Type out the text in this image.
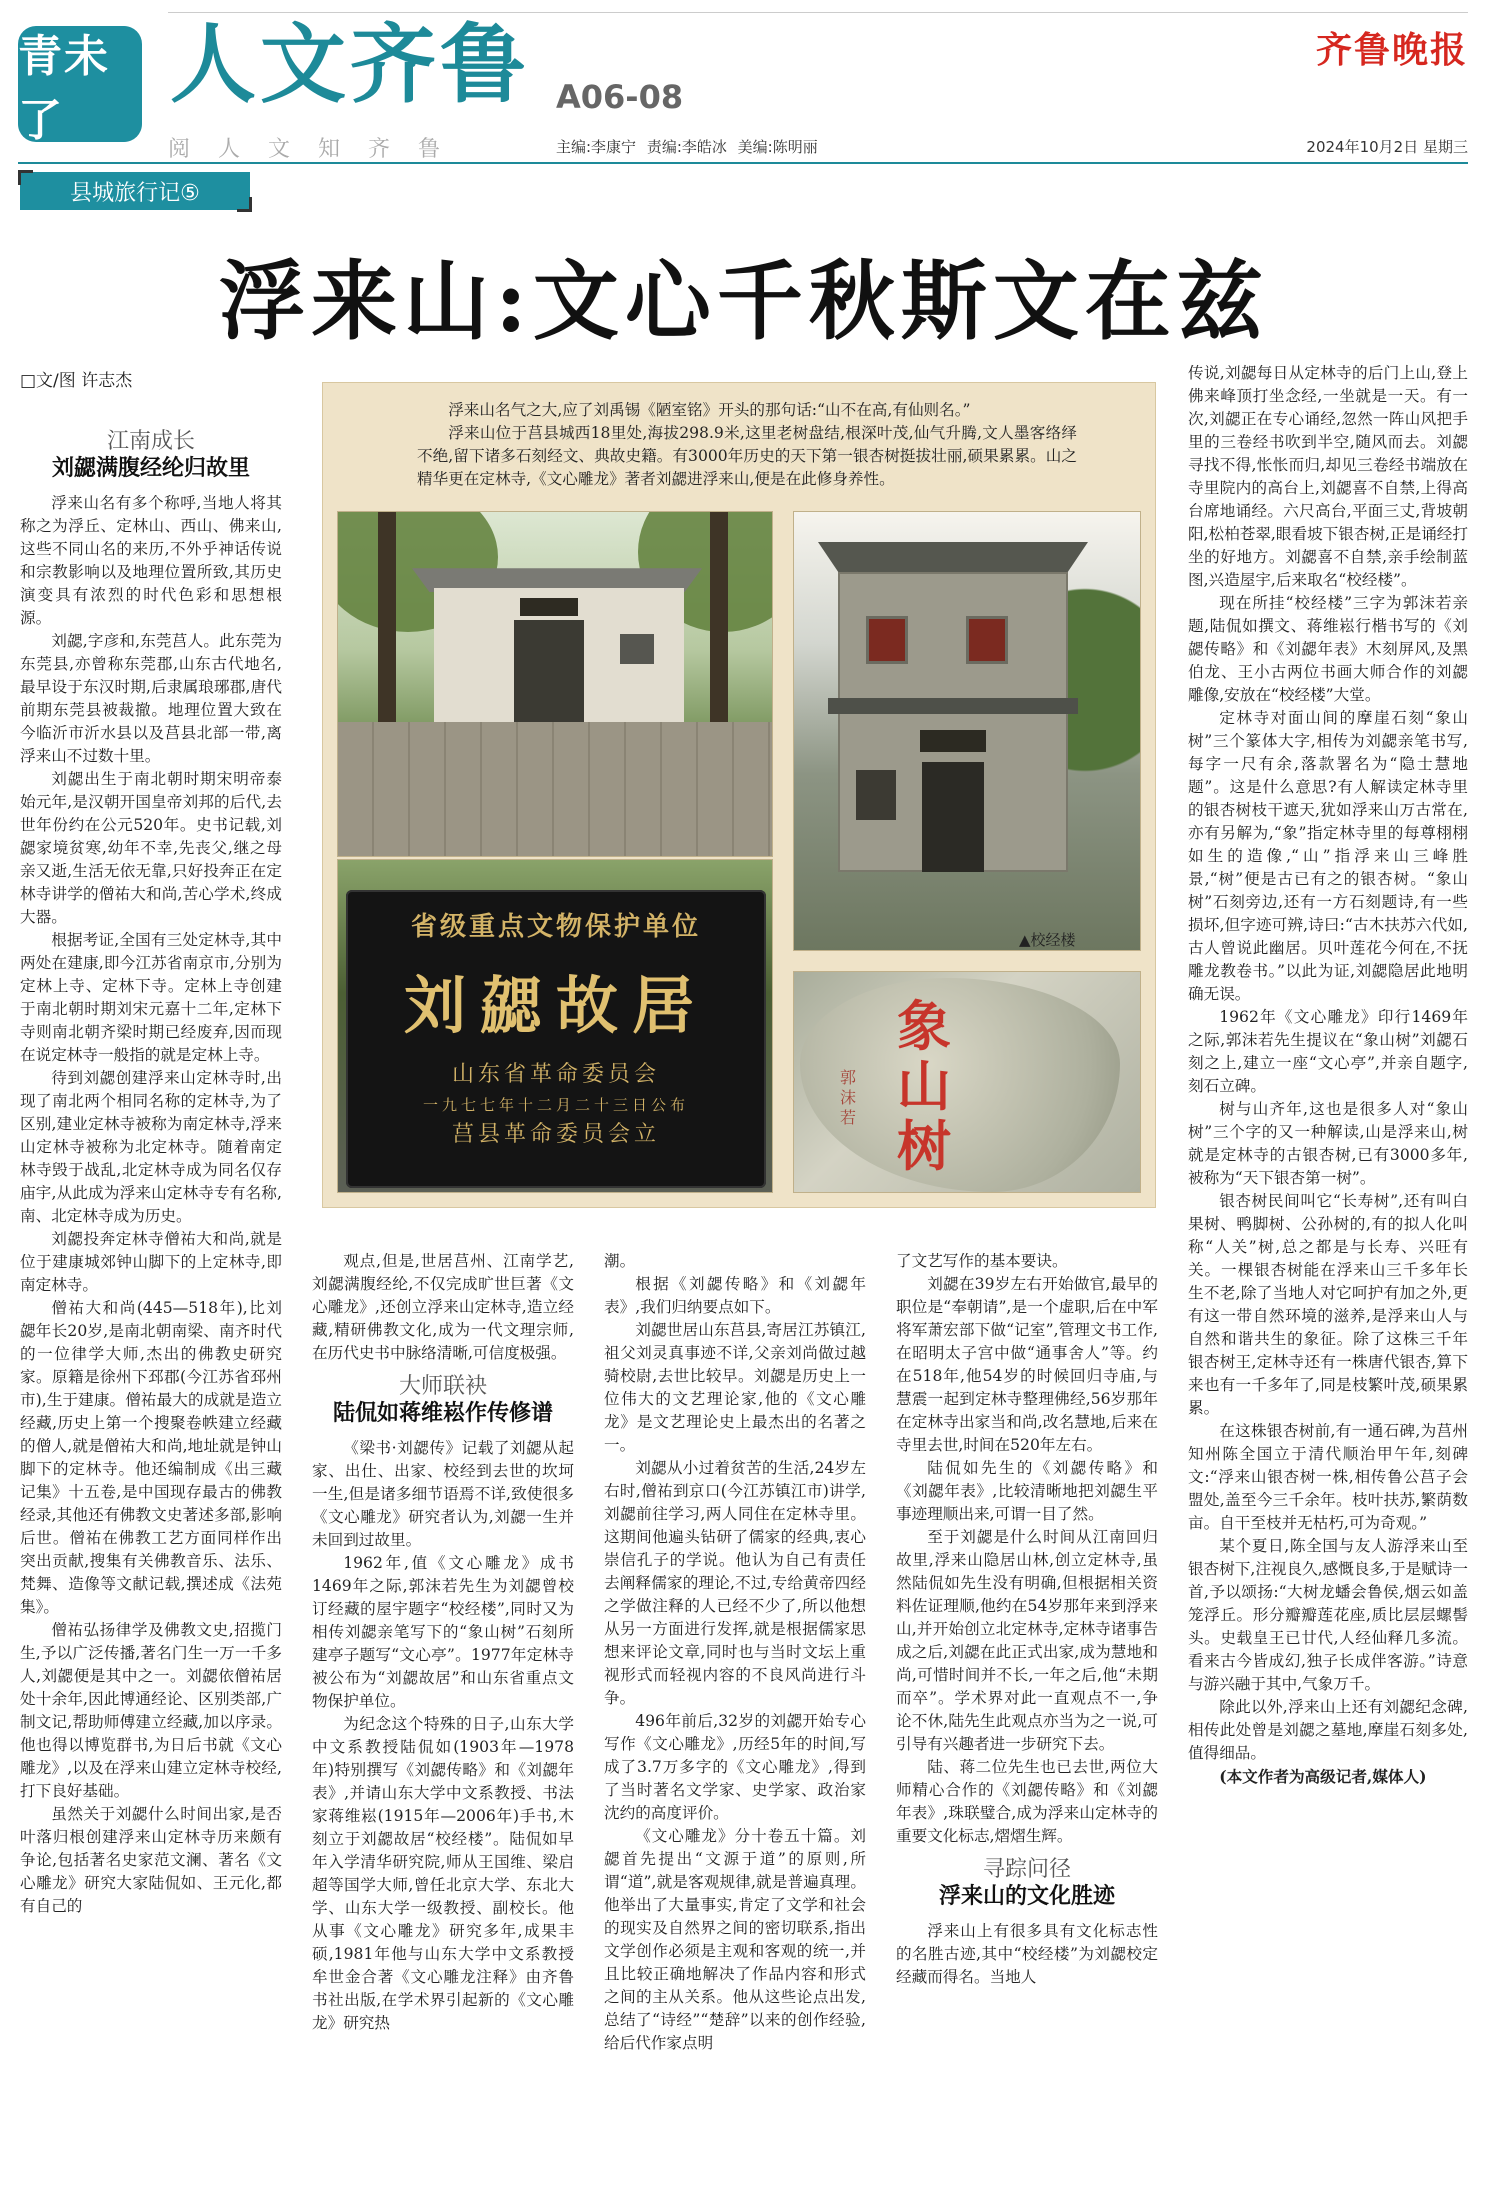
青未了
人文齐鲁 A06-08
阅人文知齐鲁	主编:李康宁 责编:李皓冰 美编:陈明丽
齐鲁晚报
2024年10月2日 星期三
县城旅行记⑤
浮来山:文心千秋斯文在兹
□文/图 许志杰
江南成长
刘勰满腹经纶归故里

浮来山名有多个称呼,当地人将其称之为浮丘、定林山、西山、佛来山,这些不同山名的来历,不外乎神话传说和宗教影响以及地理位置所致,其历史演变具有浓烈的时代色彩和思想根源。

刘勰,字彦和,东莞莒人。此东莞为东莞县,亦曾称东莞郡,山东古代地名,最早设于东汉时期,后隶属琅琊郡,唐代前期东莞县被裁撤。地理位置大致在今临沂市沂水县以及莒县北部一带,离浮来山不过数十里。

刘勰出生于南北朝时期宋明帝泰始元年,是汉朝开国皇帝刘邦的后代,去世年份约在公元520年。史书记载,刘勰家境贫寒,幼年不幸,先丧父,继之母亲又逝,生活无依无靠,只好投奔正在定林寺讲学的僧祐大和尚,苦心学术,终成大器。

根据考证,全国有三处定林寺,其中两处在建康,即今江苏省南京市,分别为定林上寺、定林下寺。定林上寺创建于南北朝时期刘宋元嘉十二年,定林下寺则南北朝齐梁时期已经废弃,因而现在说定林寺一般指的就是定林上寺。

待到刘勰创建浮来山定林寺时,出现了南北两个相同名称的定林寺,为了区别,建业定林寺被称为南定林寺,浮来山定林寺被称为北定林寺。随着南定林寺毁于战乱,北定林寺成为同名仅存庙宇,从此成为浮来山定林寺专有名称,南、北定林寺成为历史。

刘勰投奔定林寺僧祐大和尚,就是位于建康城郊钟山脚下的上定林寺,即南定林寺。

僧祐大和尚(445—518年),比刘勰年长20岁,是南北朝南梁、南齐时代的一位律学大师,杰出的佛教史研究家。原籍是徐州下邳郡(今江苏省邳州市),生于建康。僧祐最大的成就是造立经藏,历史上第一个搜聚卷帙建立经藏的僧人,就是僧祐大和尚,地址就是钟山脚下的定林寺。他还编制成《出三藏记集》十五卷,是中国现存最古的佛教经录,其他还有佛教文史著述多部,影响后世。僧祐在佛教工艺方面同样作出突出贡献,搜集有关佛教音乐、法乐、梵舞、造像等文献记载,撰述成《法苑集》。

僧祐弘扬律学及佛教文史,招揽门生,予以广泛传播,著名门生一万一千多人,刘勰便是其中之一。刘勰依僧祐居处十余年,因此博通经论、区别类部,广制文记,帮助师傅建立经藏,加以序录。他也得以博览群书,为日后书就《文心雕龙》,以及在浮来山建立定林寺校经,打下良好基础。

虽然关于刘勰什么时间出家,是否叶落归根创建浮来山定林寺历来颇有争论,包括著名史家范文澜、著名《文心雕龙》研究大家陆侃如、王元化,都有自己的

浮来山名气之大,应了刘禹锡《陋室铭》开头的那句话:“山不在高,有仙则名。”

浮来山位于莒县城西18里处,海拔298.9米,这里老树盘结,根深叶茂,仙气升腾,文人墨客络绎不绝,留下诸多石刻经文、典故史籍。有3000年历史的天下第一银杏树挺拔壮丽,硕果累累。山之精华更在定林寺,《文心雕龙》著者刘勰进浮来山,便是在此修身养性。

▲校经楼
省级重点文物保护单位
刘勰故居
山东省革命委员会
一九七七年十二月二十三日公布
莒县革命委员会立
象山树
郭沫若

观点,但是,世居莒州、江南学艺,刘勰满腹经纶,不仅完成旷世巨著《文心雕龙》,还创立浮来山定林寺,造立经藏,精研佛教文化,成为一代文理宗师,在历代史书中脉络清晰,可信度极强。

大师联袂
陆侃如蒋维崧作传修谱

《梁书·刘勰传》记载了刘勰从起家、出仕、出家、校经到去世的坎坷一生,但是诸多细节语焉不详,致使很多《文心雕龙》研究者认为,刘勰一生并未回到过故里。

1962年,值《文心雕龙》成书1469年之际,郭沫若先生为刘勰曾校订经藏的屋宇题字“校经楼”,同时又为相传刘勰亲笔写下的“象山树”石刻所建亭子题写“文心亭”。1977年定林寺被公布为“刘勰故居”和山东省重点文物保护单位。

为纪念这个特殊的日子,山东大学中文系教授陆侃如(1903年—1978年)特别撰写《刘勰传略》和《刘勰年表》,并请山东大学中文系教授、书法家蒋维崧(1915年—2006年)手书,木刻立于刘勰故居“校经楼”。陆侃如早年入学清华研究院,师从王国维、梁启超等国学大师,曾任北京大学、东北大学、山东大学一级教授、副校长。他从事《文心雕龙》研究多年,成果丰硕,1981年他与山东大学中文系教授牟世金合著《文心雕龙注释》由齐鲁书社出版,在学术界引起新的《文心雕龙》研究热

潮。

根据《刘勰传略》和《刘勰年表》,我们归纳要点如下。

刘勰世居山东莒县,寄居江苏镇江,祖父刘灵真事迹不详,父亲刘尚做过越骑校尉,去世比较早。刘勰是历史上一位伟大的文艺理论家,他的《文心雕龙》是文艺理论史上最杰出的名著之一。

刘勰从小过着贫苦的生活,24岁左右时,僧祐到京口(今江苏镇江市)讲学,刘勰前往学习,两人同住在定林寺里。这期间他遍头钻研了儒家的经典,衷心崇信孔子的学说。他认为自己有责任去阐释儒家的理论,不过,专给黄帝四经之学做注释的人已经不少了,所以他想从另一方面进行发挥,就是根据儒家思想来评论文章,同时也与当时文坛上重视形式而轻视内容的不良风尚进行斗争。

496年前后,32岁的刘勰开始专心写作《文心雕龙》,历经5年的时间,写成了3.7万多字的《文心雕龙》,得到了当时著名文学家、史学家、政治家沈约的高度评价。

《文心雕龙》分十卷五十篇。刘勰首先提出“文源于道”的原则,所谓“道”,就是客观规律,就是普遍真理。他举出了大量事实,肯定了文学和社会的现实及自然界之间的密切联系,指出文学创作必须是主观和客观的统一,并且比较正确地解决了作品内容和形式之间的主从关系。他从这些论点出发,总结了“诗经”“楚辞”以来的创作经验,给后代作家点明

了文艺写作的基本要诀。

刘勰在39岁左右开始做官,最早的职位是“奉朝请”,是一个虚职,后在中军将军萧宏部下做“记室”,管理文书工作,在昭明太子宫中做“通事舍人”等。约在518年,他54岁的时候回归寺庙,与慧震一起到定林寺整理佛经,56岁那年在定林寺出家当和尚,改名慧地,后来在寺里去世,时间在520年左右。

陆侃如先生的《刘勰传略》和《刘勰年表》,比较清晰地把刘勰生平事迹理顺出来,可谓一目了然。

至于刘勰是什么时间从江南回归故里,浮来山隐居山林,创立定林寺,虽然陆侃如先生没有明确,但根据相关资料佐证理顺,他约在54岁那年来到浮来山,并开始创立北定林寺,定林寺诸事告成之后,刘勰在此正式出家,成为慧地和尚,可惜时间并不长,一年之后,他“未期而卒”。学术界对此一直观点不一,争论不休,陆先生此观点亦当为之一说,可引导有兴趣者进一步研究下去。

陆、蒋二位先生也已去世,两位大师精心合作的《刘勰传略》和《刘勰年表》,珠联璧合,成为浮来山定林寺的重要文化标志,熠熠生辉。

寻踪问径
浮来山的文化胜迹

浮来山上有很多具有文化标志性的名胜古迹,其中“校经楼”为刘勰校定经藏而得名。当地人

传说,刘勰每日从定林寺的后门上山,登上佛来峰顶打坐念经,一坐就是一天。有一次,刘勰正在专心诵经,忽然一阵山风把手里的三卷经书吹到半空,随风而去。刘勰寻找不得,怅怅而归,却见三卷经书端放在寺里院内的高台上,刘勰喜不自禁,上得高台席地诵经。六尺高台,平面三丈,背坡朝阳,松柏苍翠,眼看坡下银杏树,正是诵经打坐的好地方。刘勰喜不自禁,亲手绘制蓝图,兴造屋宇,后来取名“校经楼”。

现在所挂“校经楼”三字为郭沫若亲题,陆侃如撰文、蒋维崧行楷书写的《刘勰传略》和《刘勰年表》木刻屏风,及黑伯龙、王小古两位书画大师合作的刘勰雕像,安放在“校经楼”大堂。

定林寺对面山间的摩崖石刻“象山树”三个篆体大字,相传为刘勰亲笔书写,每字一尺有余,落款署名为“隐士慧地题”。这是什么意思?有人解读定林寺里的银杏树枝干遮天,犹如浮来山万古常在,亦有另解为,“象”指定林寺里的每尊栩栩如生的造像,“山”指浮来山三峰胜景,“树”便是古已有之的银杏树。“象山树”石刻旁边,还有一方石刻题诗,有一些损坏,但字迹可辨,诗曰:“古木扶苏六代如,古人曾说此幽居。贝叶莲花今何在,不抚雕龙教卷书。”以此为证,刘勰隐居此地明确无误。

1962年《文心雕龙》印行1469年之际,郭沫若先生提议在“象山树”刘勰石刻之上,建立一座“文心亭”,并亲自题字,刻石立碑。

树与山齐年,这也是很多人对“象山树”三个字的又一种解读,山是浮来山,树就是定林寺的古银杏树,已有3000多年,被称为“天下银杏第一树”。

银杏树民间叫它“长寿树”,还有叫白果树、鸭脚树、公孙树的,有的拟人化叫称“人关”树,总之都是与长寿、兴旺有关。一棵银杏树能在浮来山三千多年长生不老,除了当地人对它呵护有加之外,更有这一带自然环境的滋养,是浮来山人与自然和谐共生的象征。除了这株三千年银杏树王,定林寺还有一株唐代银杏,算下来也有一千多年了,同是枝繁叶茂,硕果累累。

在这株银杏树前,有一通石碑,为莒州知州陈全国立于清代顺治甲午年,刻碑文:“浮来山银杏树一株,相传鲁公莒子会盟处,盖至今三千余年。枝叶扶苏,繁荫数亩。自干至枝并无枯朽,可为奇观。”

某个夏日,陈全国与友人游浮来山至银杏树下,注视良久,感慨良多,于是赋诗一首,予以颂扬:“大树龙蟠会鲁侯,烟云如盖笼浮丘。形分瓣瓣莲花座,质比层层螺髻头。史载皇王已廿代,人经仙释几多流。看来古今皆成幻,独子长成伴客游。”诗意与游兴融于其中,气象万千。

除此以外,浮来山上还有刘勰纪念碑,相传此处曾是刘勰之墓地,摩崖石刻多处,值得细品。

(本文作者为高级记者,媒体人)
